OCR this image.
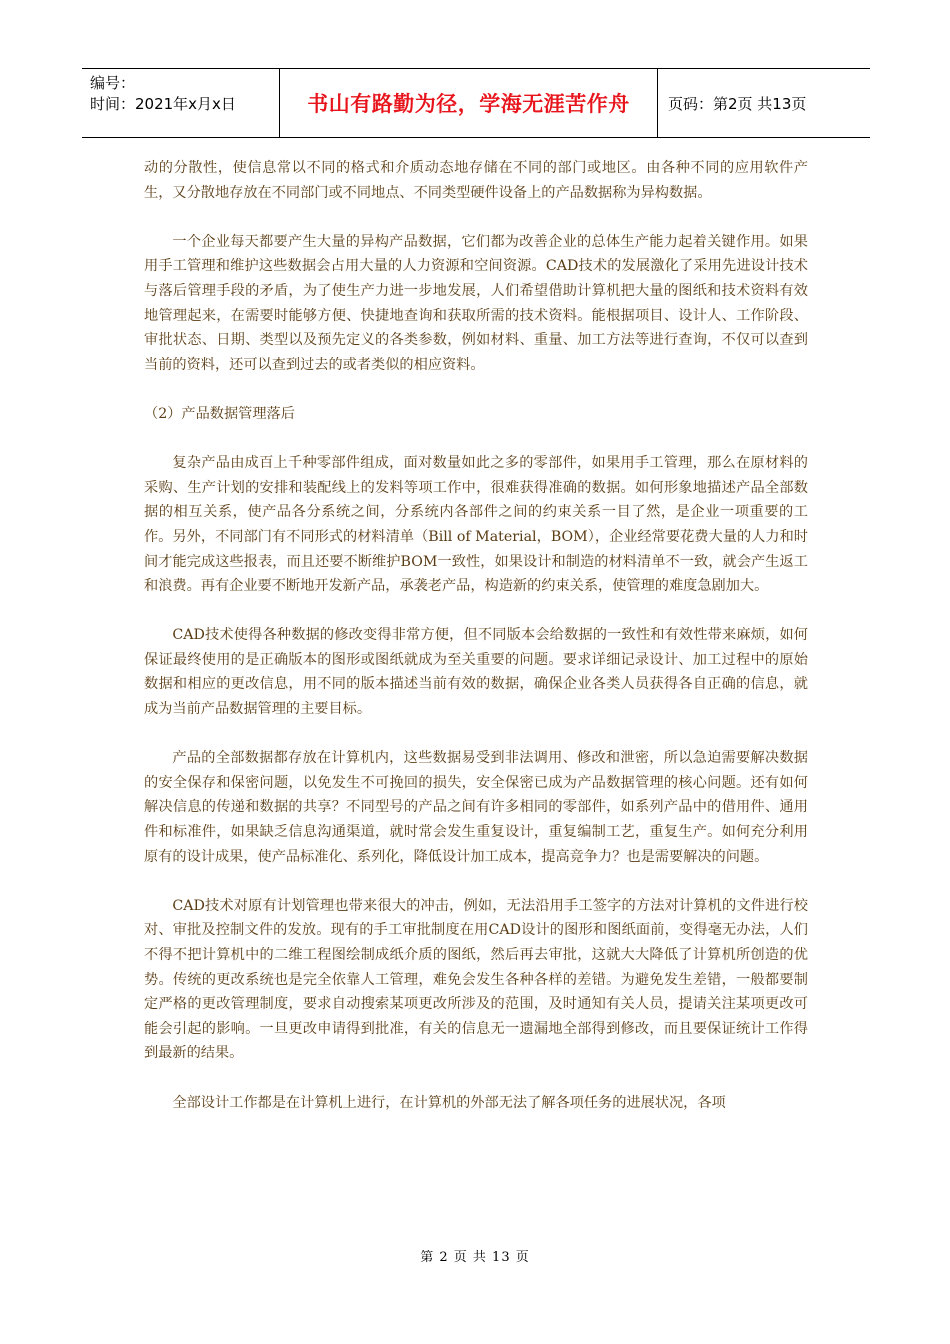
编号：
时间：2021年x月x日	书山有路勤为径，学海无涯苦作舟	页码：第2页 共13页

动的分散性，使信息常以不同的格式和介质动态地存储在不同的部门或地区。由各种不同的应用软件产生，又分散地存放在不同部门或不同地点、不同类型硬件设备上的产品数据称为异构数据。

一个企业每天都要产生大量的异构产品数据，它们都为改善企业的总体生产能力起着关键作用。如果用手工管理和维护这些数据会占用大量的人力资源和空间资源。CAD技术的发展激化了采用先进设计技术与落后管理手段的矛盾，为了使生产力进一步地发展，人们希望借助计算机把大量的图纸和技术资料有效地管理起来，在需要时能够方便、快捷地查询和获取所需的技术资料。能根据项目、设计人、工作阶段、审批状态、日期、类型以及预先定义的各类参数，例如材料、重量、加工方法等进行查询，不仅可以查到当前的资料，还可以查到过去的或者类似的相应资料。

（2）产品数据管理落后

复杂产品由成百上千种零部件组成，面对数量如此之多的零部件，如果用手工管理，那么在原材料的采购、生产计划的安排和装配线上的发料等项工作中，很难获得准确的数据。如何形象地描述产品全部数据的相互关系，使产品各分系统之间，分系统内各部件之间的约束关系一目了然，是企业一项重要的工作。另外，不同部门有不同形式的材料清单（Bill of Material，BOM），企业经常要花费大量的人力和时间才能完成这些报表，而且还要不断维护BOM一致性，如果设计和制造的材料清单不一致，就会产生返工和浪费。再有企业要不断地开发新产品，承袭老产品，构造新的约束关系，使管理的难度急剧加大。

CAD技术使得各种数据的修改变得非常方便，但不同版本会给数据的一致性和有效性带来麻烦，如何保证最终使用的是正确版本的图形或图纸就成为至关重要的问题。要求详细记录设计、加工过程中的原始数据和相应的更改信息，用不同的版本描述当前有效的数据，确保企业各类人员获得各自正确的信息，就成为当前产品数据管理的主要目标。

产品的全部数据都存放在计算机内，这些数据易受到非法调用、修改和泄密，所以急迫需要解决数据的安全保存和保密问题，以免发生不可挽回的损失，安全保密已成为产品数据管理的核心问题。还有如何解决信息的传递和数据的共享？不同型号的产品之间有许多相同的零部件，如系列产品中的借用件、通用件和标准件，如果缺乏信息沟通渠道，就时常会发生重复设计，重复编制工艺，重复生产。如何充分利用原有的设计成果，使产品标准化、系列化，降低设计加工成本，提高竞争力？也是需要解决的问题。

CAD技术对原有计划管理也带来很大的冲击，例如，无法沿用手工签字的方法对计算机的文件进行校对、审批及控制文件的发放。现有的手工审批制度在用CAD设计的图形和图纸面前，变得毫无办法，人们不得不把计算机中的二维工程图绘制成纸介质的图纸，然后再去审批，这就大大降低了计算机所创造的优势。传统的更改系统也是完全依靠人工管理，难免会发生各种各样的差错。为避免发生差错，一般都要制定严格的更改管理制度，要求自动搜索某项更改所涉及的范围，及时通知有关人员，提请关注某项更改可能会引起的影响。一旦更改申请得到批准，有关的信息无一遗漏地全部得到修改，而且要保证统计工作得到最新的结果。

全部设计工作都是在计算机上进行，在计算机的外部无法了解各项任务的进展状况，各项

第 2 页 共 13 页
